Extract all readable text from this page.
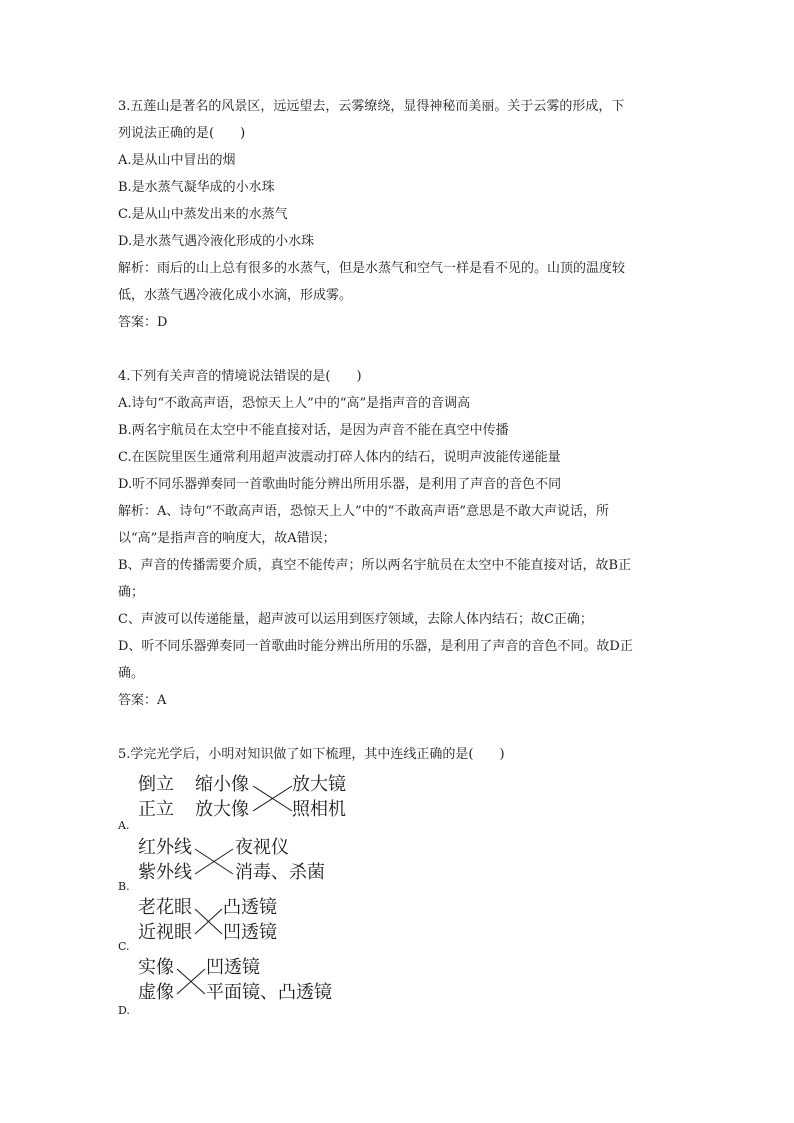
3.五莲山是著名的风景区，远远望去，云雾缭绕，显得神秘而美丽。关于云雾的形成，下
列说法正确的是(　　)
A.是从山中冒出的烟
B.是水蒸气凝华成的小水珠
C.是从山中蒸发出来的水蒸气
D.是水蒸气遇冷液化形成的小水珠
解析：雨后的山上总有很多的水蒸气，但是水蒸气和空气一样是看不见的。山顶的温度较
低，水蒸气遇冷液化成小水滴，形成雾。
答案：D
4.下列有关声音的情境说法错误的是(　　)
A.诗句“不敢高声语，恐惊天上人”中的“高”是指声音的音调高
B.两名宇航员在太空中不能直接对话，是因为声音不能在真空中传播
C.在医院里医生通常利用超声波震动打碎人体内的结石，说明声波能传递能量
D.听不同乐器弹奏同一首歌曲时能分辨出所用乐器，是利用了声音的音色不同
解析：A、诗句“不敢高声语，恐惊天上人”中的“不敢高声语”意思是不敢大声说话，所
以“高”是指声音的响度大，故A错误；
B、声音的传播需要介质，真空不能传声；所以两名宇航员在太空中不能直接对话，故B正
确；
C、声波可以传递能量，超声波可以运用到医疗领域，去除人体内结石；故C正确；
D、听不同乐器弹奏同一首歌曲时能分辨出所用的乐器，是利用了声音的音色不同。故D正
确。
答案：A
5.学完光学后，小明对知识做了如下梳理，其中连线正确的是(　　)
倒立
正立
缩小像
放大像
放大镜
照相机
A.
红外线
紫外线
夜视仪
消毒、杀菌
B.
老花眼
近视眼
凸透镜
凹透镜
C.
实像
虚像
凹透镜
平面镜、凸透镜
D.
